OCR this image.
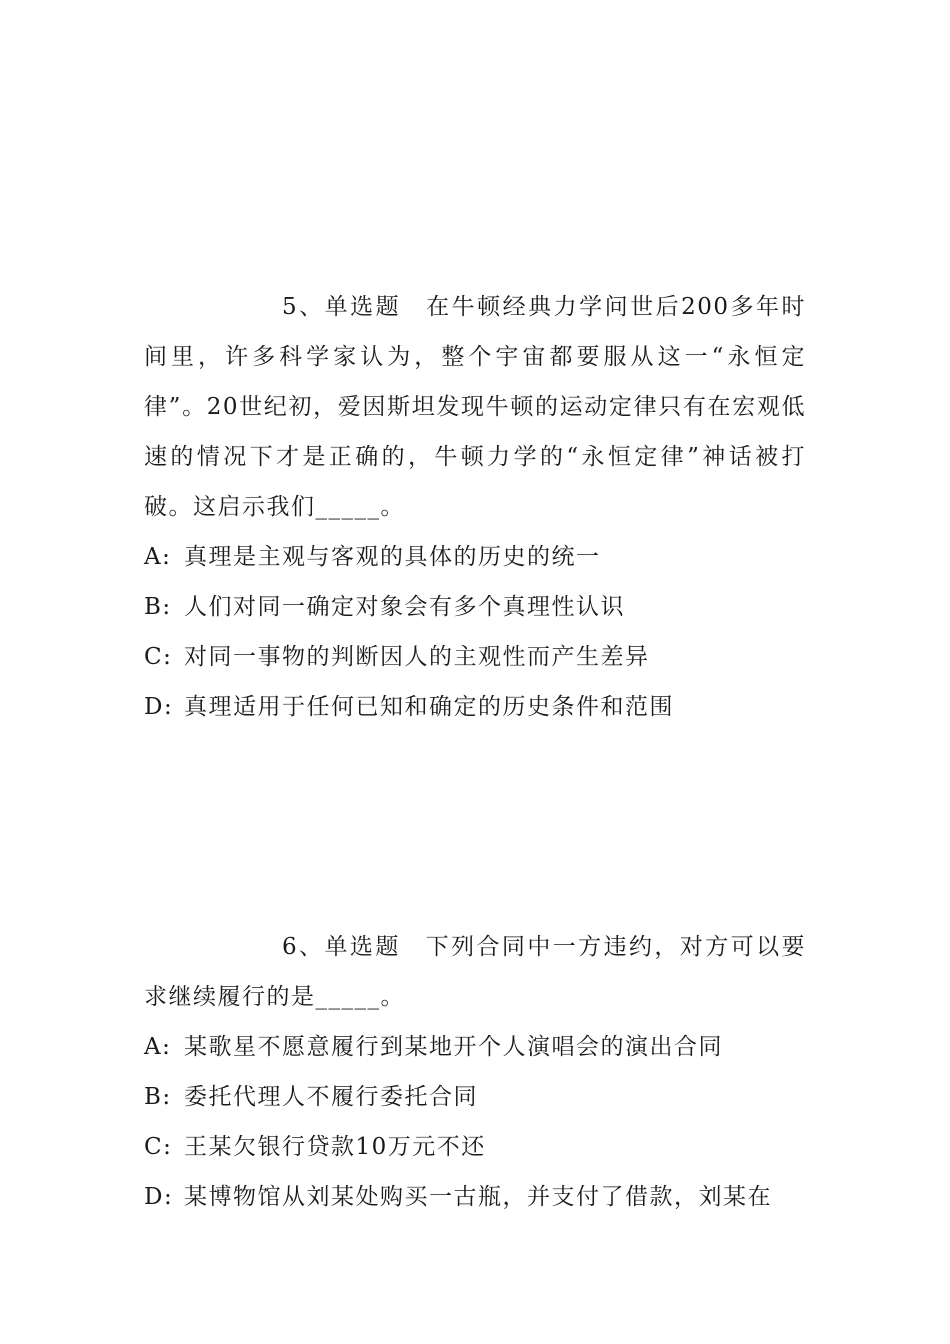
5、单选题 在牛顿经典力学问世后200多年时间里，许多科学家认为，整个宇宙都要服从这一“永恒定律”。20世纪初，爱因斯坦发现牛顿的运动定律只有在宏观低速的情况下才是正确的，牛顿力学的“永恒定律”神话被打破。这启示我们_____。

A: 真理是主观与客观的具体的历史的统一

B: 人们对同一确定对象会有多个真理性认识

C: 对同一事物的判断因人的主观性而产生差异

D: 真理适用于任何已知和确定的历史条件和范围

6、单选题 下列合同中一方违约，对方可以要求继续履行的是_____。

A: 某歌星不愿意履行到某地开个人演唱会的演出合同

B: 委托代理人不履行委托合同

C: 王某欠银行贷款10万元不还

D: 某博物馆从刘某处购买一古瓶，并支付了借款，刘某在
